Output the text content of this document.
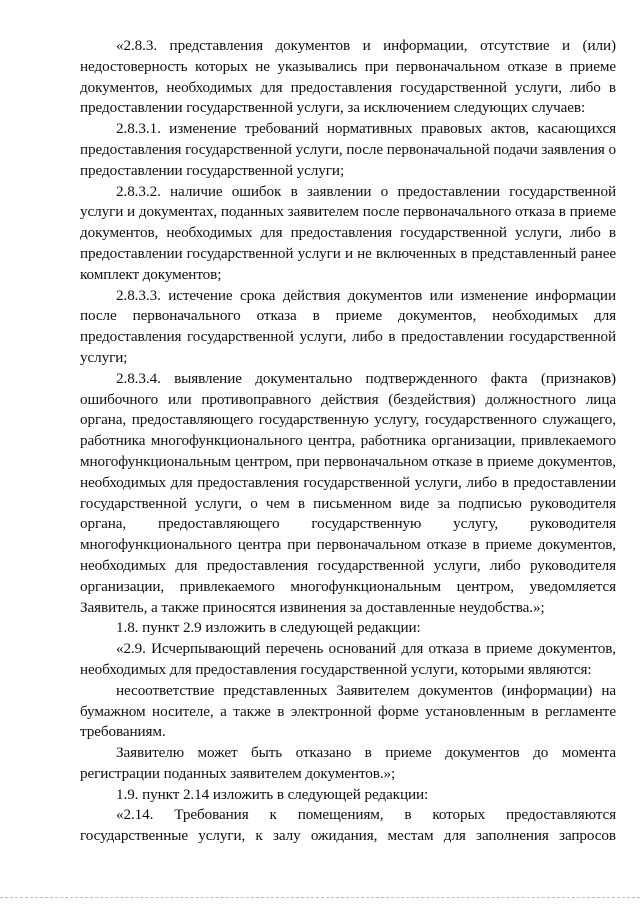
«2.8.3. представления документов и информации, отсутствие и (или) недостоверность которых не указывались при первоначальном отказе в приеме документов, необходимых для предоставления государственной услуги, либо в предоставлении государственной услуги, за исключением следующих случаев:

2.8.3.1. изменение требований нормативных правовых актов, касающихся предоставления государственной услуги, после первоначальной подачи заявления о предоставлении государственной услуги;

2.8.3.2. наличие ошибок в заявлении о предоставлении государственной услуги и документах, поданных заявителем после первоначального отказа в приеме документов, необходимых для предоставления государственной услуги, либо в предоставлении государственной услуги и не включенных в представленный ранее комплект документов;

2.8.3.3. истечение срока действия документов или изменение информации после первоначального отказа в приеме документов, необходимых для предоставления государственной услуги, либо в предоставлении государственной услуги;

2.8.3.4. выявление документально подтвержденного факта (признаков) ошибочного или противоправного действия (бездействия) должностного лица органа, предоставляющего государственную услугу, государственного служащего, работника многофункционального центра, работника организации, привлекаемого многофункциональным центром, при первоначальном отказе в приеме документов, необходимых для предоставления государственной услуги, либо в предоставлении государственной услуги, о чем в письменном виде за подписью руководителя органа, предоставляющего государственную услугу, руководителя многофункционального центра при первоначальном отказе в приеме документов, необходимых для предоставления государственной услуги, либо руководителя организации, привлекаемого многофункциональным центром, уведомляется Заявитель, а также приносятся извинения за доставленные неудобства.»;

1.8. пункт 2.9 изложить в следующей редакции:

«2.9. Исчерпывающий перечень оснований для отказа в приеме документов, необходимых для предоставления государственной услуги, которыми являются:

несоответствие представленных Заявителем документов (информации) на бумажном носителе, а также в электронной форме установленным в регламенте требованиям.

Заявителю может быть отказано в приеме документов до момента регистрации поданных заявителем документов.»;

1.9. пункт 2.14 изложить в следующей редакции:

«2.14. Требования к помещениям, в которых предоставляются государственные услуги, к залу ожидания, местам для заполнения запросов
